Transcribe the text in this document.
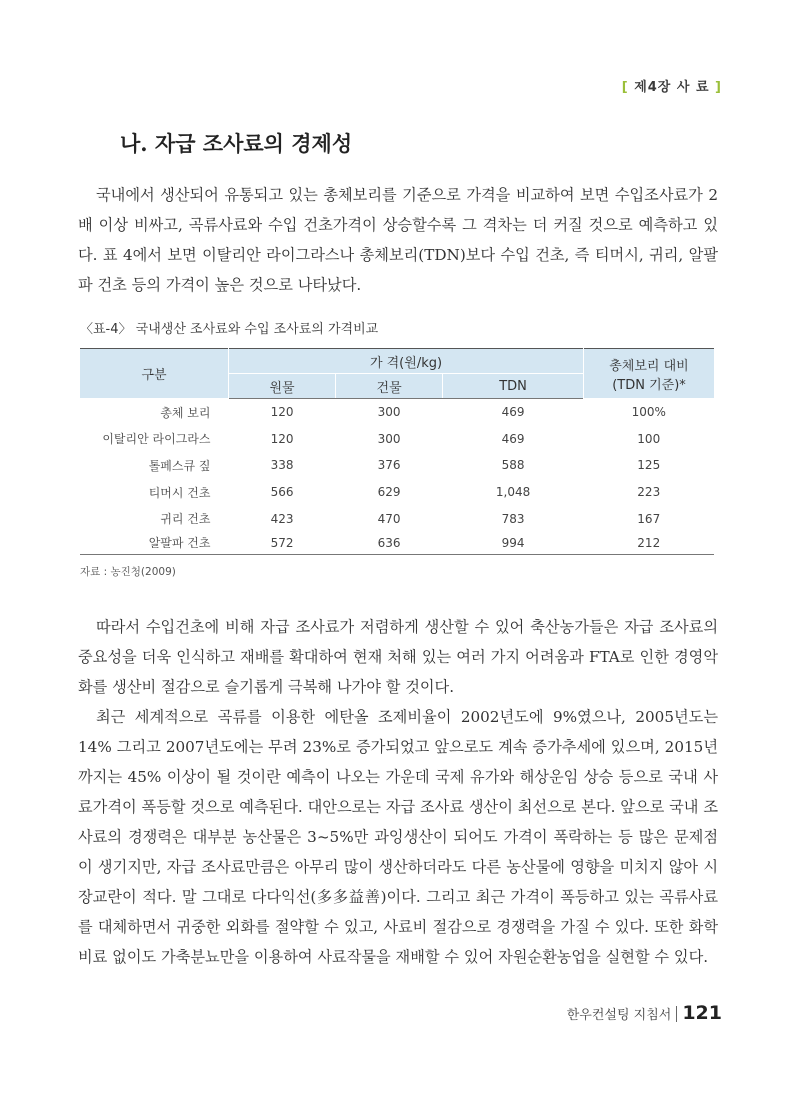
[ 제4장 사 료 ]
나. 자급 조사료의 경제성

국내에서 생산되어 유통되고 있는 총체보리를 기준으로 가격을 비교하여 보면 수입조사료가 2배 이상 비싸고, 곡류사료와 수입 건초가격이 상승할수록 그 격차는 더 커질 것으로 예측하고 있다. 표 4에서 보면 이탈리안 라이그라스나 총체보리(TDN)보다 수입 건초, 즉 티머시, 귀리, 알팔파 건초 등의 가격이 높은 것으로 나타났다.

〈표-4〉 국내생산 조사료와 수입 조사료의 가격비교
구분	가 격(원/kg)			총체보리 대비
(TDN 기준)*
	원물	건물	TDN	
총체 보리	120	300	469	100%
이탈리안 라이그라스	120	300	469	100
톨페스큐 짚	338	376	588	125
티머시 건초	566	629	1,048	223
귀리 건초	423	470	783	167
알팔파 건초	572	636	994	212
자료 : 농진청(2009)

따라서 수입건초에 비해 자급 조사료가 저렴하게 생산할 수 있어 축산농가들은 자급 조사료의 중요성을 더욱 인식하고 재배를 확대하여 현재 처해 있는 여러 가지 어려움과 FTA로 인한 경영악화를 생산비 절감으로 슬기롭게 극복해 나가야 할 것이다.

최근 세계적으로 곡류를 이용한 에탄올 조제비율이 2002년도에 9%였으나, 2005년도는 14% 그리고 2007년도에는 무려 23%로 증가되었고 앞으로도 계속 증가추세에 있으며, 2015년까지는 45% 이상이 될 것이란 예측이 나오는 가운데 국제 유가와 해상운임 상승 등으로 국내 사료가격이 폭등할 것으로 예측된다. 대안으로는 자급 조사료 생산이 최선으로 본다. 앞으로 국내 조사료의 경쟁력은 대부분 농산물은 3~5%만 과잉생산이 되어도 가격이 폭락하는 등 많은 문제점이 생기지만, 자급 조사료만큼은 아무리 많이 생산하더라도 다른 농산물에 영향을 미치지 않아 시장교란이 적다. 말 그대로 다다익선(多多益善)이다. 그리고 최근 가격이 폭등하고 있는 곡류사료를 대체하면서 귀중한 외화를 절약할 수 있고, 사료비 절감으로 경쟁력을 가질 수 있다. 또한 화학비료 없이도 가축분뇨만을 이용하여 사료작물을 재배할 수 있어 자원순환농업을 실현할 수 있다.

한우컨설팅 지침서 121
